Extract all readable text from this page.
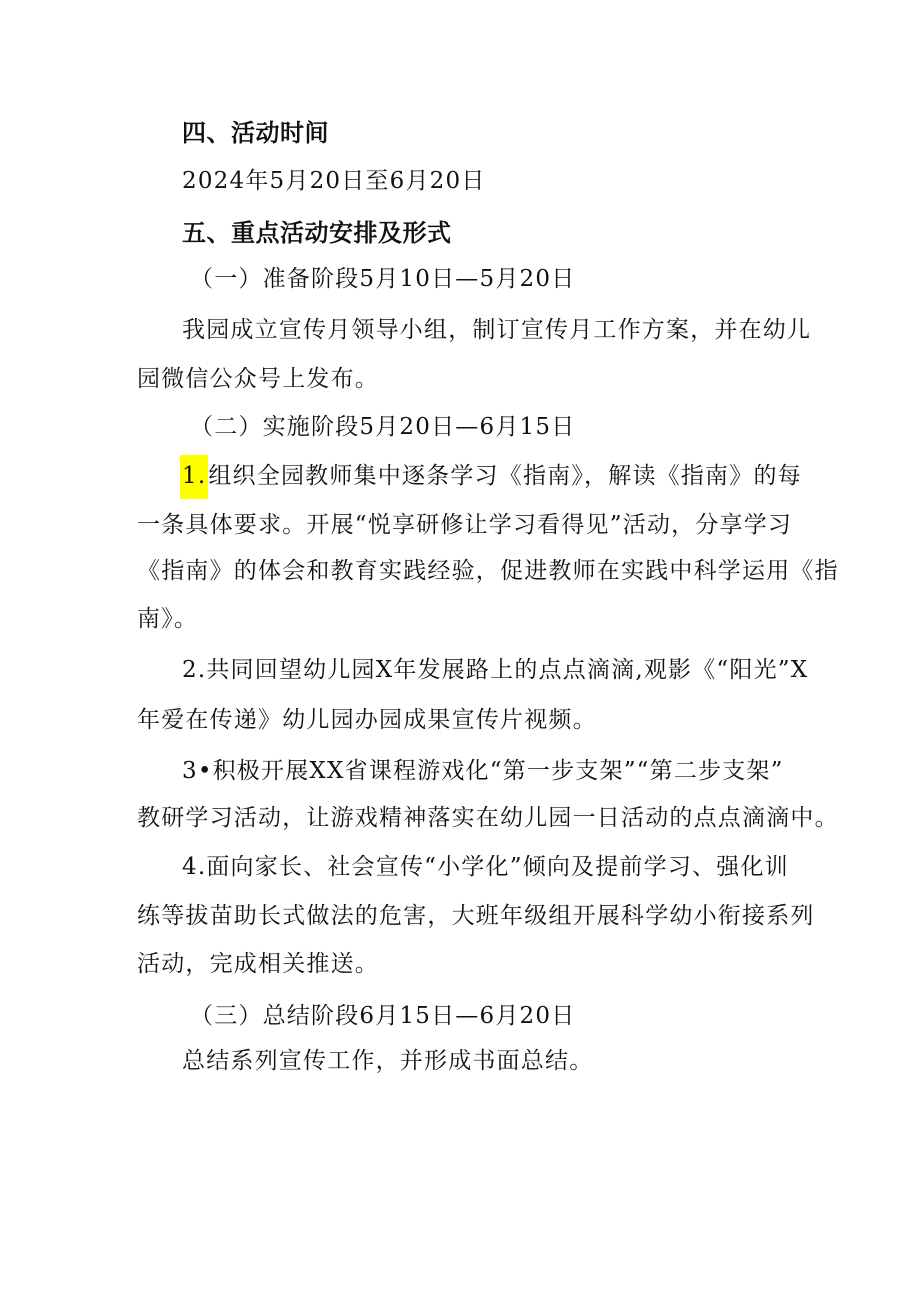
四、活动时间
2024年5月20日至6月20日
五、重点活动安排及形式
（一）准备阶段5月10日—5月20日
我园成立宣传月领导小组，制订宣传月工作方案，并在幼儿
园微信公众号上发布。
（二）实施阶段5月20日—6月15日
1.组织全园教师集中逐条学习《指南》，解读《指南》的每
一条具体要求。开展“悦享研修让学习看得见”活动，分享学习
《指南》的体会和教育实践经验，促进教师在实践中科学运用《指
南》。
2.共同回望幼儿园X年发展路上的点点滴滴,观影《“阳光”X
年爱在传递》幼儿园办园成果宣传片视频。
3•积极开展XX省课程游戏化“第一步支架”“第二步支架”
教研学习活动，让游戏精神落实在幼儿园一日活动的点点滴滴中。
4.面向家长、社会宣传“小学化”倾向及提前学习、强化训
练等拔苗助长式做法的危害，大班年级组开展科学幼小衔接系列
活动，完成相关推送。
（三）总结阶段6月15日—6月20日
总结系列宣传工作，并形成书面总结。
